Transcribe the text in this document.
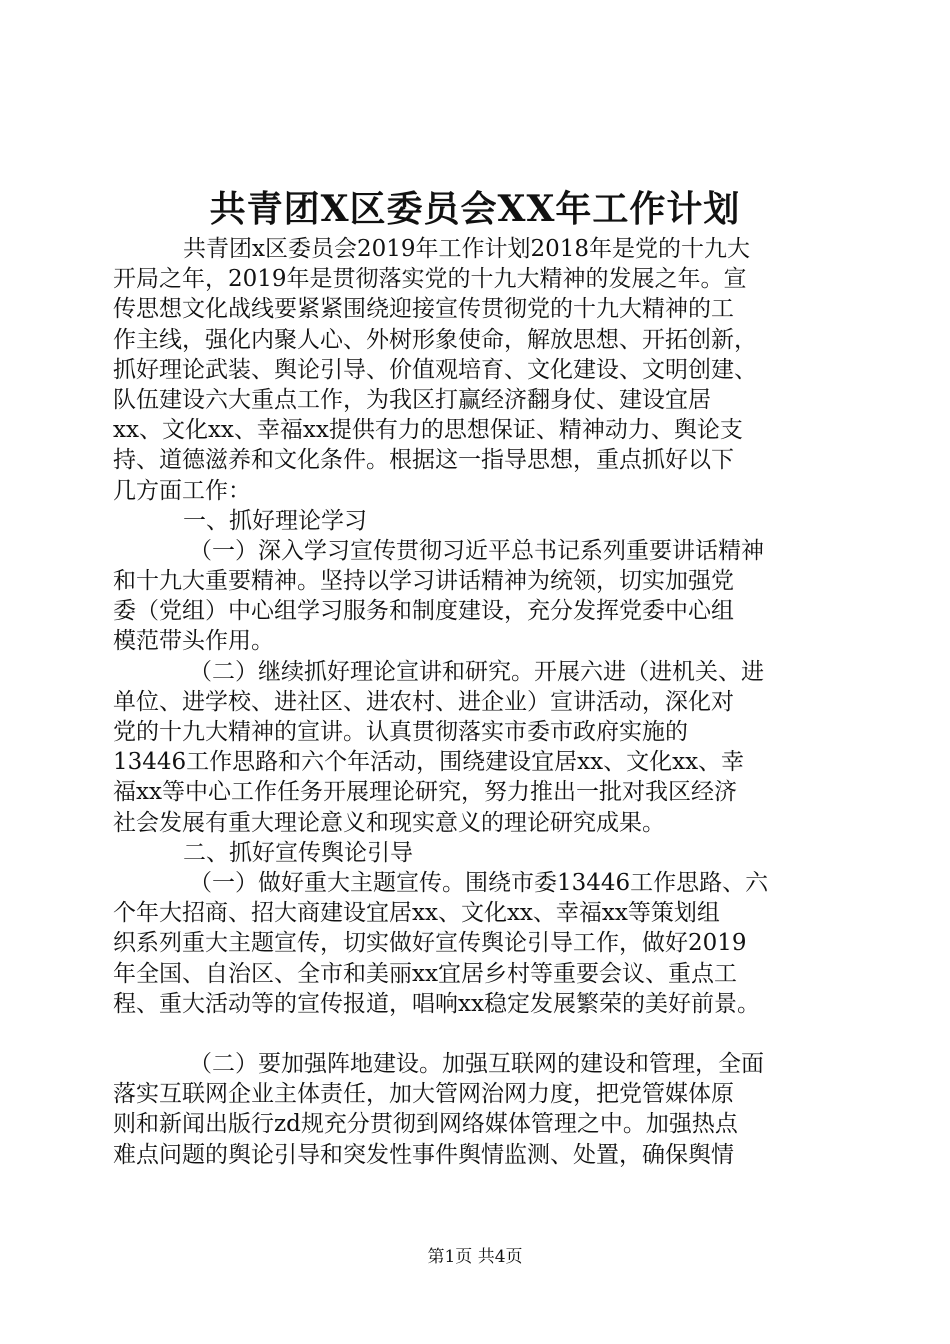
共青团X区委员会XX年工作计划
共青团x区委员会2019年工作计划2018年是党的十九大
开局之年，2019年是贯彻落实党的十九大精神的发展之年。宣
传思想文化战线要紧紧围绕迎接宣传贯彻党的十九大精神的工
作主线，强化内聚人心、外树形象使命，解放思想、开拓创新，
抓好理论武装、舆论引导、价值观培育、文化建设、文明创建、
队伍建设六大重点工作，为我区打赢经济翻身仗、建设宜居
xx、文化xx、幸福xx提供有力的思想保证、精神动力、舆论支
持、道德滋养和文化条件。根据这一指导思想，重点抓好以下
几方面工作：
一、抓好理论学习
（一）深入学习宣传贯彻习近平总书记系列重要讲话精神
和十九大重要精神。坚持以学习讲话精神为统领，切实加强党
委（党组）中心组学习服务和制度建设，充分发挥党委中心组
模范带头作用。
（二）继续抓好理论宣讲和研究。开展六进（进机关、进
单位、进学校、进社区、进农村、进企业）宣讲活动，深化对
党的十九大精神的宣讲。认真贯彻落实市委市政府实施的
13446工作思路和六个年活动，围绕建设宜居xx、文化xx、幸
福xx等中心工作任务开展理论研究，努力推出一批对我区经济
社会发展有重大理论意义和现实意义的理论研究成果。
二、抓好宣传舆论引导
（一）做好重大主题宣传。围绕市委13446工作思路、六
个年大招商、招大商建设宜居xx、文化xx、幸福xx等策划组
织系列重大主题宣传，切实做好宣传舆论引导工作，做好2019
年全国、自治区、全市和美丽xx宜居乡村等重要会议、重点工
程、重大活动等的宣传报道，唱响xx稳定发展繁荣的美好前景。
（二）要加强阵地建设。加强互联网的建设和管理，全面
落实互联网企业主体责任，加大管网治网力度，把党管媒体原
则和新闻出版行zd规充分贯彻到网络媒体管理之中。加强热点
难点问题的舆论引导和突发性事件舆情监测、处置，确保舆情
第1页 共4页
